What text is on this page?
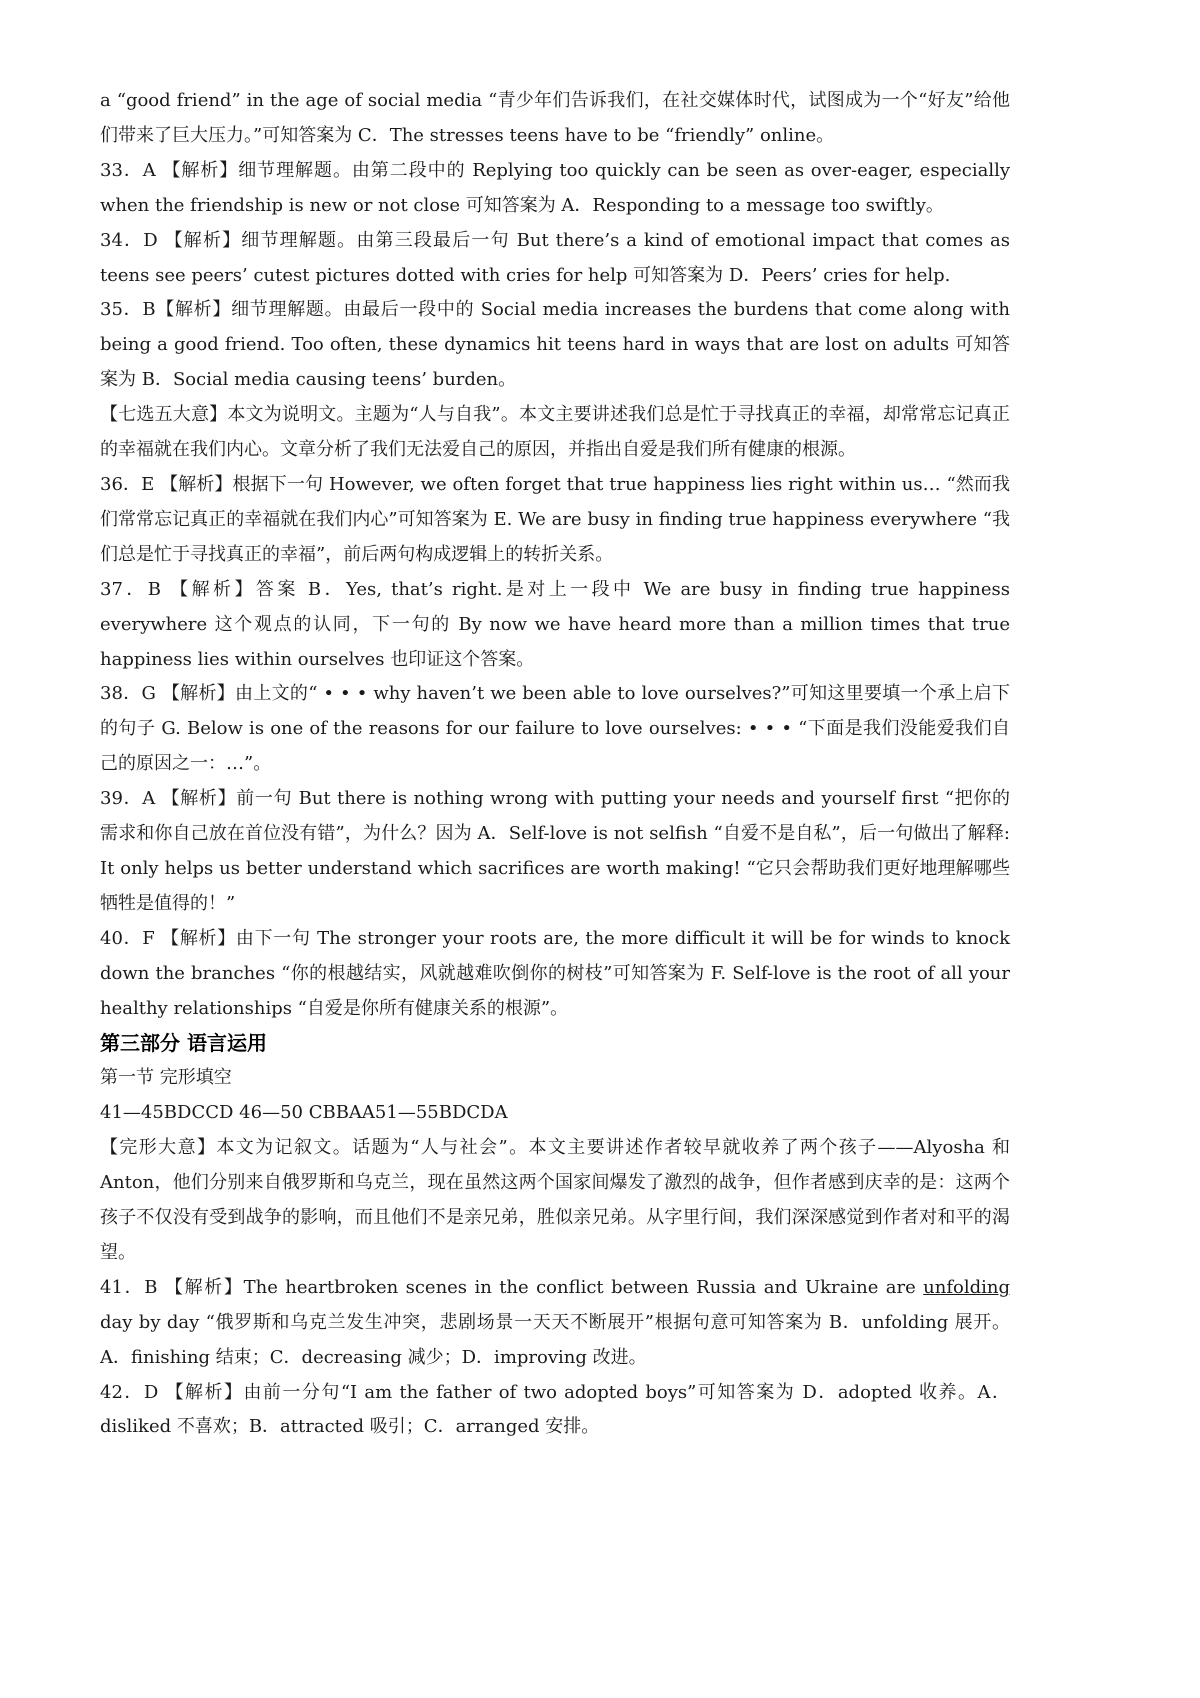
a “good friend” in the age of social media “青少年们告诉我们，在社交媒体时代，试图成为一个“好友”给他们带来了巨大压力。”可知答案为 C．The stresses teens have to be “friendly” online。

33．A 【解析】细节理解题。由第二段中的 Replying too quickly can be seen as over-eager, especially when the friendship is new or not close 可知答案为 A．Responding to a message too swiftly。

34．D 【解析】细节理解题。由第三段最后一句 But there’s a kind of emotional impact that comes as teens see peers’ cutest pictures dotted with cries for help 可知答案为 D．Peers’ cries for help.

35．B【解析】细节理解题。由最后一段中的 Social media increases the burdens that come along with being a good friend. Too often, these dynamics hit teens hard in ways that are lost on adults 可知答案为 B．Social media causing teens’ burden。

【七选五大意】本文为说明文。主题为“人与自我”。本文主要讲述我们总是忙于寻找真正的幸福，却常常忘记真正的幸福就在我们内心。文章分析了我们无法爱自己的原因，并指出自爱是我们所有健康的根源。

36．E 【解析】根据下一句 However, we often forget that true happiness lies right within us… “然而我们常常忘记真正的幸福就在我们内心”可知答案为 E. We are busy in finding true happiness everywhere “我们总是忙于寻找真正的幸福”，前后两句构成逻辑上的转折关系。

37．B 【解析】答案 B．Yes, that’s right.是对上一段中 We are busy in finding true happiness everywhere 这个观点的认同，下一句的 By now we have heard more than a million times that true happiness lies within ourselves 也印证这个答案。

38．G 【解析】由上文的“ • • • why haven’t we been able to love ourselves?”可知这里要填一个承上启下的句子 G. Below is one of the reasons for our failure to love ourselves: • • • “下面是我们没能爱我们自己的原因之一：…”。

39．A 【解析】前一句 But there is nothing wrong with putting your needs and yourself first “把你的需求和你自己放在首位没有错”，为什么？因为 A．Self-love is not selfish “自爱不是自私”，后一句做出了解释: It only helps us better understand which sacrifices are worth making! “它只会帮助我们更好地理解哪些牺牲是值得的！”

40．F 【解析】由下一句 The stronger your roots are, the more difficult it will be for winds to knock down the branches “你的根越结实，风就越难吹倒你的树枝”可知答案为 F. Self-love is the root of all your healthy relationships “自爱是你所有健康关系的根源”。

第三部分 语言运用

第一节 完形填空

41—45BDCCD 46—50 CBBAA51—55BDCDA

【完形大意】本文为记叙文。话题为“人与社会”。本文主要讲述作者较早就收养了两个孩子——Alyosha 和 Anton，他们分别来自俄罗斯和乌克兰，现在虽然这两个国家间爆发了激烈的战争，但作者感到庆幸的是：这两个孩子不仅没有受到战争的影响，而且他们不是亲兄弟，胜似亲兄弟。从字里行间，我们深深感觉到作者对和平的渴望。

41．B 【解析】The heartbroken scenes in the conflict between Russia and Ukraine are unfolding day by day “俄罗斯和乌克兰发生冲突，悲剧场景一天天不断展开”根据句意可知答案为 B．unfolding 展开。A．finishing 结束；C．decreasing 减少；D．improving 改进。

42．D 【解析】由前一分句“I am the father of two adopted boys”可知答案为 D．adopted 收养。A． disliked 不喜欢；B．attracted 吸引；C．arranged 安排。
